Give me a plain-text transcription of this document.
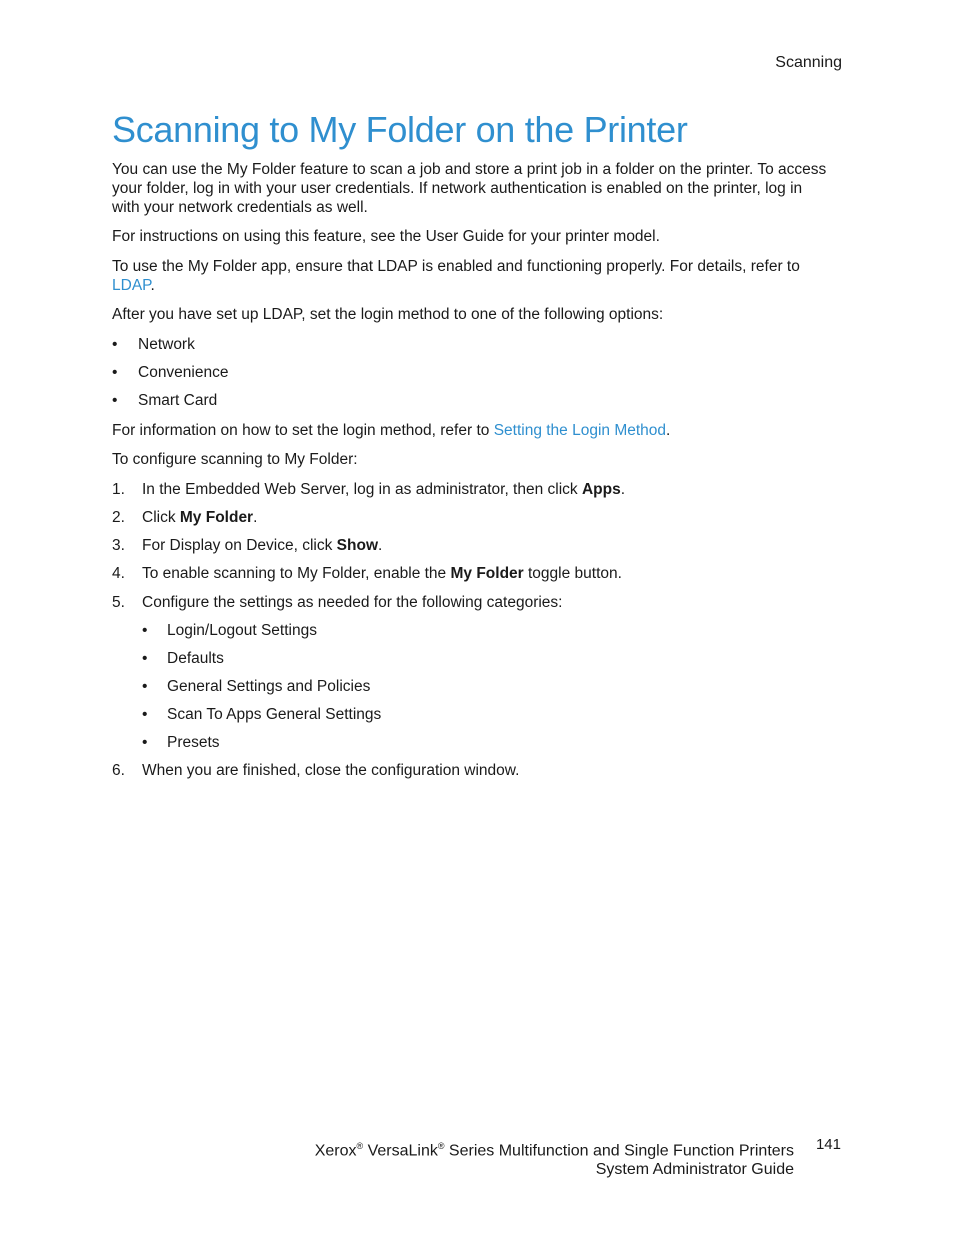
Scanning
Scanning to My Folder on the Printer

You can use the My Folder feature to scan a job and store a print job in a folder on the printer. To access your folder, log in with your user credentials. If network authentication is enabled on the printer, log in with your network credentials as well.

For instructions on using this feature, see the User Guide for your printer model.

To use the My Folder app, ensure that LDAP is enabled and functioning properly. For details, refer to LDAP.

After you have set up LDAP, set the login method to one of the following options:

• Network
• Convenience
• Smart Card

For information on how to set the login method, refer to Setting the Login Method.

To configure scanning to My Folder:

1. In the Embedded Web Server, log in as administrator, then click Apps.
2. Click My Folder.
3. For Display on Device, click Show.
4. To enable scanning to My Folder, enable the My Folder toggle button.
5. Configure the settings as needed for the following categories:
• Login/Logout Settings
• Defaults
• General Settings and Policies
• Scan To Apps General Settings
• Presets
6. When you are finished, close the configuration window.
Xerox® VersaLink® Series Multifunction and Single Function Printers
System Administrator Guide
141
